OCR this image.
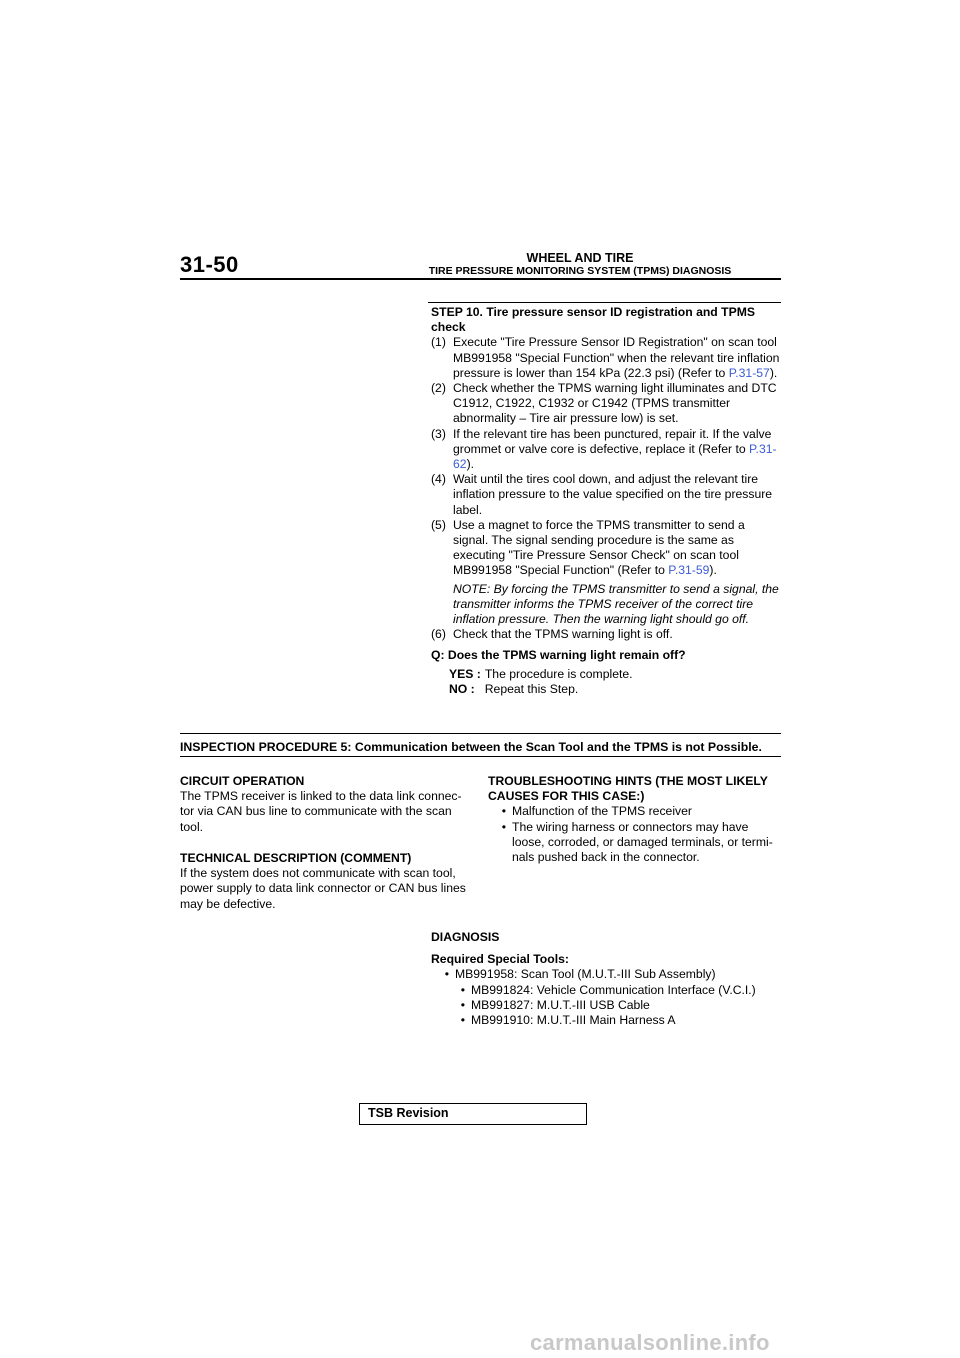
31-50	WHEEL AND TIRE
TIRE PRESSURE MONITORING SYSTEM (TPMS) DIAGNOSIS
STEP 10. Tire pressure sensor ID registration and TPMS check
(1) Execute "Tire Pressure Sensor ID Registration" on scan tool MB991958 "Special Function" when the relevant tire inflation pressure is lower than 154 kPa (22.3 psi) (Refer to P.31-57).
(2) Check whether the TPMS warning light illuminates and DTC C1912, C1922, C1932 or C1942 (TPMS transmitter abnormality – Tire air pressure low) is set.
(3) If the relevant tire has been punctured, repair it. If the valve grommet or valve core is defective, replace it (Refer to P.31-62).
(4) Wait until the tires cool down, and adjust the relevant tire inflation pressure to the value specified on the tire pressure label.
(5) Use a magnet to force the TPMS transmitter to send a signal. The signal sending procedure is the same as executing "Tire Pressure Sensor Check" on scan tool MB991958 "Special Function" (Refer to P.31-59).
NOTE: By forcing the TPMS transmitter to send a signal, the transmitter informs the TPMS receiver of the correct tire inflation pressure. Then the warning light should go off.
(6) Check that the TPMS warning light is off.
Q: Does the TPMS warning light remain off?
YES : The procedure is complete.
NO : Repeat this Step.
INSPECTION PROCEDURE 5: Communication between the Scan Tool and the TPMS is not Possible.
CIRCUIT OPERATION
The TPMS receiver is linked to the data link connec-tor via CAN bus line to communicate with the scan tool.
TECHNICAL DESCRIPTION (COMMENT)
If the system does not communicate with scan tool, power supply to data link connector or CAN bus lines may be defective.
TROUBLESHOOTING HINTS (THE MOST LIKELY CAUSES FOR THIS CASE:)
• Malfunction of the TPMS receiver
• The wiring harness or connectors may have loose, corroded, or damaged terminals, or termi-nals pushed back in the connector.
DIAGNOSIS
Required Special Tools:
• MB991958: Scan Tool (M.U.T.-III Sub Assembly)
• MB991824: Vehicle Communication Interface (V.C.I.)
• MB991827: M.U.T.-III USB Cable
• MB991910: M.U.T.-III Main Harness A
TSB Revision
carmanualsonline.info
